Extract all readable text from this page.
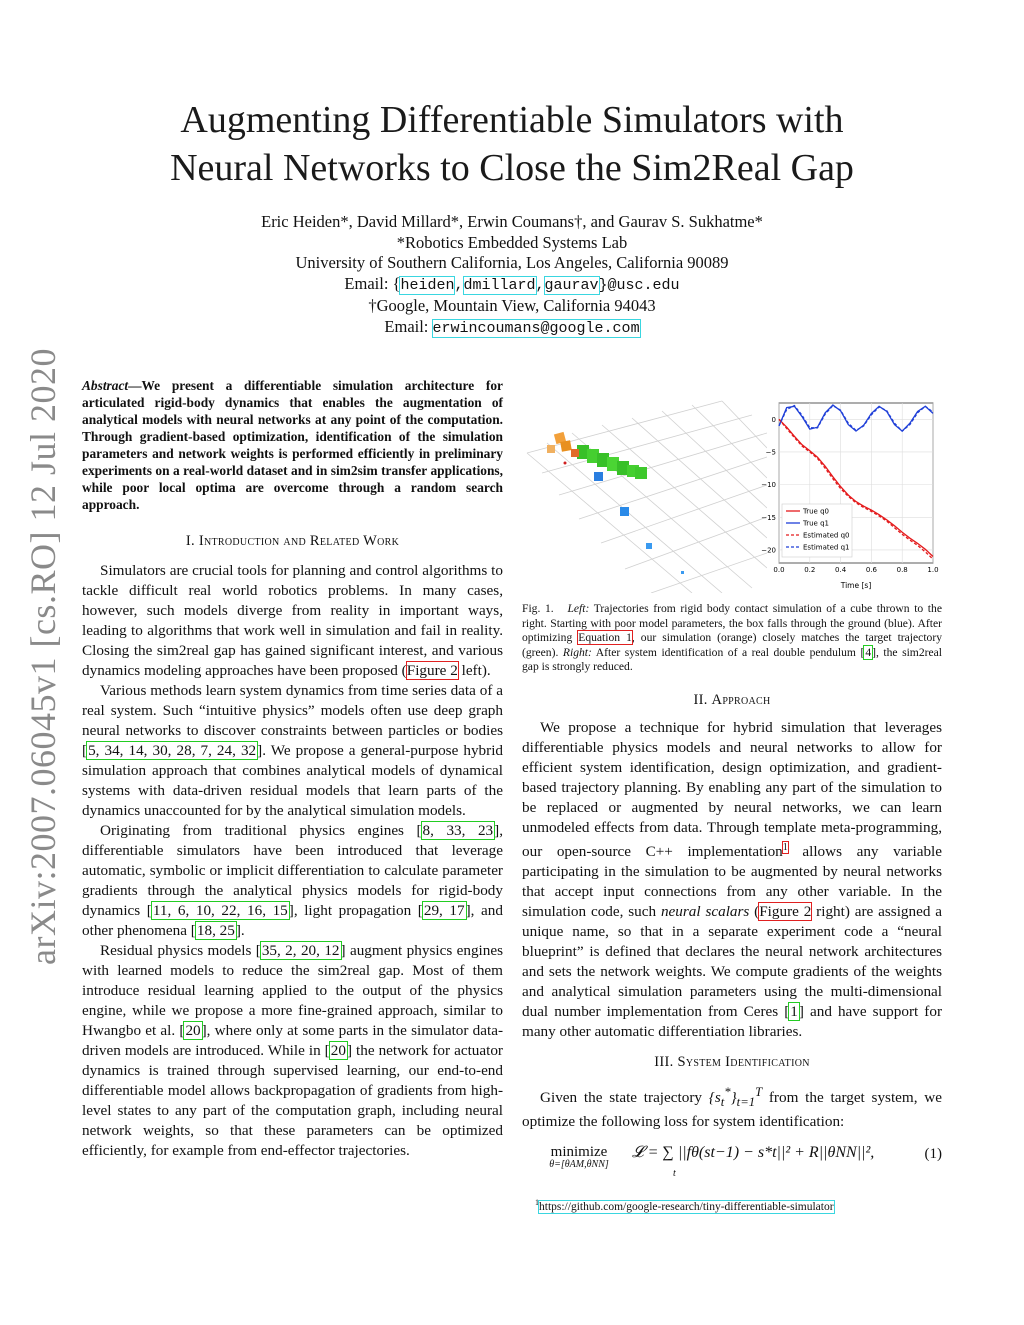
Augmenting Differentiable Simulators with
Neural Networks to Close the Sim2Real Gap
Eric Heiden*, David Millard*, Erwin Coumans†, and Gaurav S. Sukhatme*
*Robotics Embedded Systems Lab
University of Southern California, Los Angeles, California 90089
Email: {heiden,dmillard,gaurav}@usc.edu
†Google, Mountain View, California 94043
Email: erwincoumans@google.com
arXiv:2007.06045v1 [cs.RO] 12 Jul 2020 Abstract—We present a differentiable simulation architecture for articulated rigid-body dynamics that enables the augmentation of analytical models with neural networks at any point of the computation. Through gradient-based optimization, identification of the simulation parameters and network weights is performed efficiently in preliminary experiments on a real-world dataset and in sim2sim transfer applications, while poor local optima are overcome through a random search approach.

I. Introduction and Related Work

Simulators are crucial tools for planning and control algorithms to tackle difficult real world robotics problems. In many cases, however, such models diverge from reality in important ways, leading to algorithms that work well in simulation and fail in reality. Closing the sim2real gap has gained significant interest, and various dynamics modeling approaches have been proposed (Figure 2 left).

Various methods learn system dynamics from time series data of a real system. Such “intuitive physics” models often use deep graph neural networks to discover constraints between particles or bodies [5, 34, 14, 30, 28, 7, 24, 32]. We propose a general-purpose hybrid simulation approach that combines analytical models of dynamical systems with data-driven residual models that learn parts of the dynamics unaccounted for by the analytical simulation models.

Originating from traditional physics engines [8, 33, 23], differentiable simulators have been introduced that leverage automatic, symbolic or implicit differentiation to calculate parameter gradients through the analytical physics models for rigid-body dynamics [11, 6, 10, 22, 16, 15], light propagation [29, 17], and other phenomena [18, 25].

Residual physics models [35, 2, 20, 12] augment physics engines with learned models to reduce the sim2real gap. Most of them introduce residual learning applied to the output of the physics engine, while we propose a more fine-grained approach, similar to Hwangbo et al. [20], where only at some parts in the simulator data-driven models are introduced. While in [20] the network for actuator dynamics is trained through supervised learning, our end-to-end differentiable model allows backpropagation of gradients from high-level states to any part of the computation graph, including neural network weights, so that these parameters can be optimized efficiently, for example from end-effector trajectories.

0
−5
−10
−15
−20
0.0	0.2	0.4	0.6	0.8	1.0
True q0
True q1
Estimated q0
Estimated q1
Time [s]
Fig. 1. Left: Trajectories from rigid body contact simulation of a cube thrown to the right. Starting with poor model parameters, the box falls through the ground (blue). After optimizing Equation 1, our simulation (orange) closely matches the target trajectory (green). Right: After system identification of a real double pendulum [4], the sim2real gap is strongly reduced.
II. Approach

We propose a technique for hybrid simulation that leverages differentiable physics models and neural networks to allow for efficient system identification, design optimization, and gradient-based trajectory planning. By enabling any part of the simulation to be replaced or augmented by neural networks, we can learn unmodeled effects from data. Through template meta-programming, our open-source C++ implementation$^1$ allows any variable participating in the simulation to be augmented by neural networks that accept input connections from any other variable. In the simulation code, such neural scalars (Figure 2 right) are assigned a unique name, so that in a separate experiment code a “neural blueprint” is defined that declares the neural network architectures and sets the network weights. We compute gradients of the weights and analytical simulation parameters using the multi-dimensional dual number implementation from Ceres [1] and have support for many other automatic differentiation libraries.

III. System Identification

Given the state trajectory $\{s_t^*\}_{t=1}^T$ from the target system, we optimize the following loss for system identification:

minimize
θ=[θAM,θNN]
𝓛 = ∑ ||fθ(st−1) − s*t||² + R||θNN||²,
t
(1)
$^1$https://github.com/google-research/tiny-differentiable-simulator
